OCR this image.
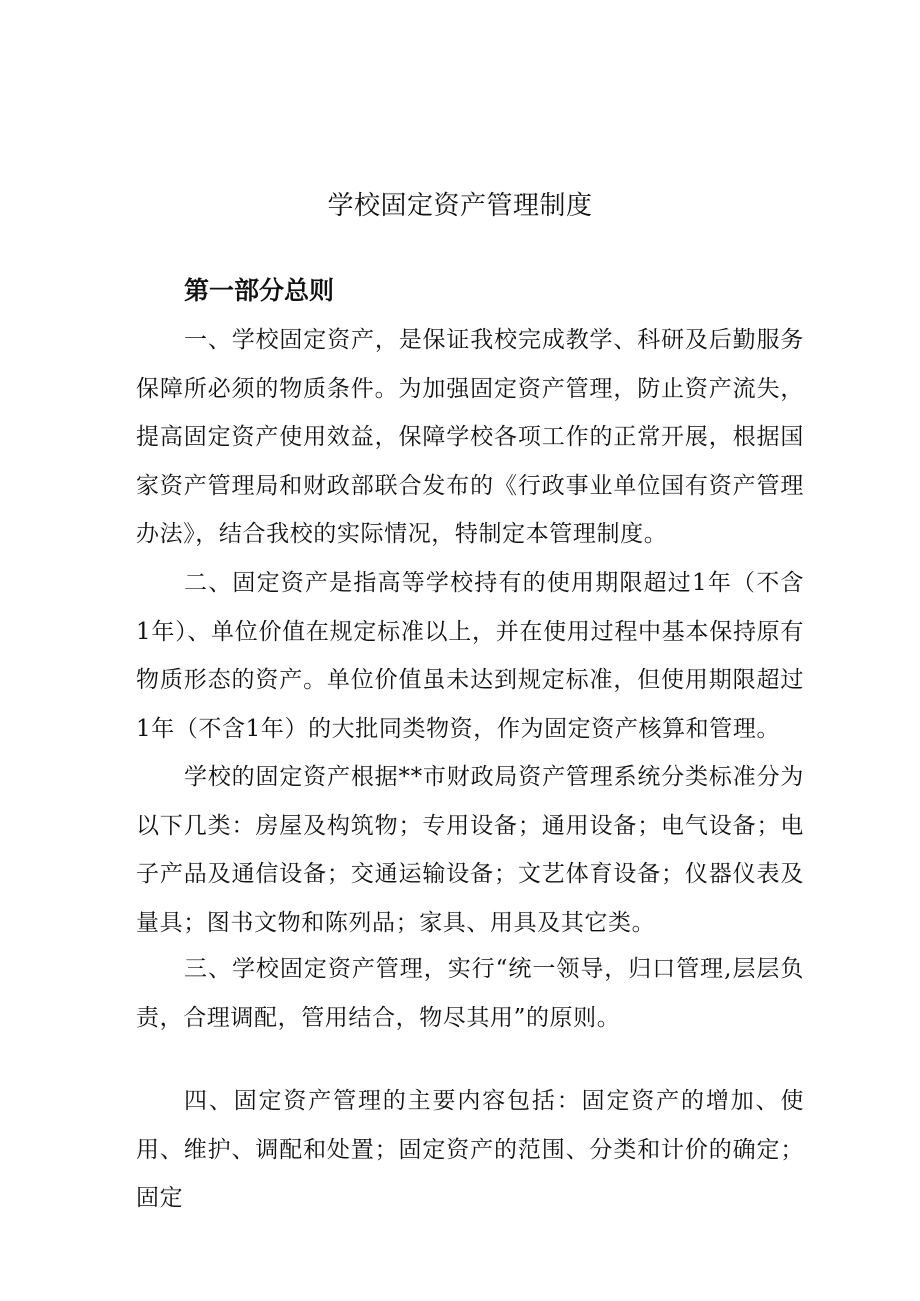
学校固定资产管理制度
第一部分总则

一、学校固定资产，是保证我校完成教学、科研及后勤服务保障所必须的物质条件。为加强固定资产管理，防止资产流失，提高固定资产使用效益，保障学校各项工作的正常开展，根据国家资产管理局和财政部联合发布的《行政事业单位国有资产管理办法》，结合我校的实际情况，特制定本管理制度。

二、固定资产是指高等学校持有的使用期限超过1年（不含1年）、单位价值在规定标准以上，并在使用过程中基本保持原有物质形态的资产。单位价值虽未达到规定标准，但使用期限超过1年（不含1年）的大批同类物资，作为固定资产核算和管理。

学校的固定资产根据**市财政局资产管理系统分类标准分为以下几类：房屋及构筑物；专用设备；通用设备；电气设备；电子产品及通信设备；交通运输设备；文艺体育设备；仪器仪表及量具；图书文物和陈列品；家具、用具及其它类。

三、学校固定资产管理，实行“统一领导，归口管理,层层负责，合理调配，管用结合，物尽其用”的原则。

四、固定资产管理的主要内容包括：固定资产的增加、使用、维护、调配和处置；固定资产的范围、分类和计价的确定；固定
